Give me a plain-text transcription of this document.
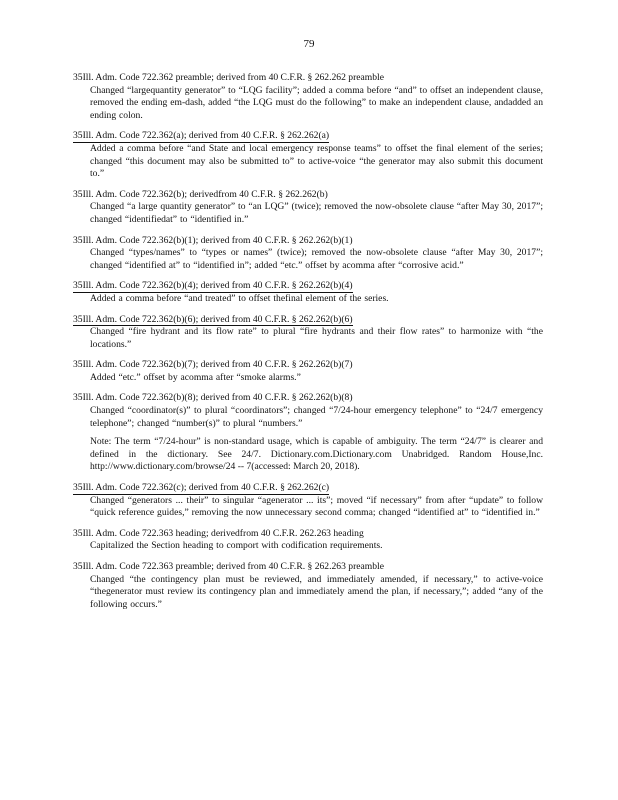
79
35Ill. Adm. Code 722.362 preamble; derived from 40 C.F.R. § 262.262 preamble
Changed “largequantity generator” to “LQG facility”; added a comma before “and” to offset an independent clause, removed the ending em-dash, added “the LQG must do the following” to make an independent clause, andadded an ending colon.
35Ill. Adm. Code 722.362(a); derived from 40 C.F.R. § 262.262(a)
Added a comma before “and State and local emergency response teams” to offset the final element of the series; changed “this document may also be submitted to” to active-voice “the generator may also submit this document to.”
35Ill. Adm. Code 722.362(b); derivedfrom 40 C.F.R. § 262.262(b)
Changed “a large quantity generator” to “an LQG” (twice); removed the now-obsolete clause “after May 30, 2017”; changed “identifiedat” to “identified in.”
35Ill. Adm. Code 722.362(b)(1); derived from 40 C.F.R. § 262.262(b)(1)
Changed “types/names” to “types or names” (twice); removed the now-obsolete clause “after May 30, 2017”; changed “identified at” to “identified in”; added “etc.” offset by acomma after “corrosive acid.”
35Ill. Adm. Code 722.362(b)(4); derived from 40 C.F.R. § 262.262(b)(4)
Added a comma before “and treated” to offset thefinal element of the series.
35Ill. Adm. Code 722.362(b)(6); derived from 40 C.F.R. § 262.262(b)(6)
Changed “fire hydrant and its flow rate” to plural “fire hydrants and their flow rates” to harmonize with “the locations.”
35Ill. Adm. Code 722.362(b)(7); derived from 40 C.F.R. § 262.262(b)(7)
Added “etc.” offset by acomma after “smoke alarms.”
35Ill. Adm. Code 722.362(b)(8); derived from 40 C.F.R. § 262.262(b)(8)
Changed “coordinator(s)” to plural “coordinators”; changed “7/24-hour emergency telephone” to “24/7 emergency telephone”; changed “number(s)” to plural “numbers.”
Note: The term “7/24-hour” is non-standard usage, which is capable of ambiguity. The term “24/7” is clearer and defined in the dictionary. See 24/7. Dictionary.com.Dictionary.com Unabridged. Random House,Inc. http://www.dictionary.com/browse/24 -- 7(accessed: March 20, 2018).
35Ill. Adm. Code 722.362(c); derived from 40 C.F.R. § 262.262(c)
Changed “generators ... their” to singular “agenerator ... its”; moved “if necessary” from after “update” to follow “quick reference guides,” removing the now unnecessary second comma; changed “identified at” to “identified in.”
35Ill. Adm. Code 722.363 heading; derivedfrom 40 C.F.R. 262.263 heading
Capitalized the Section heading to comport with codification requirements.
35Ill. Adm. Code 722.363 preamble; derived from 40 C.F.R. § 262.263 preamble
Changed “the contingency plan must be reviewed, and immediately amended, if necessary,” to active-voice “thegenerator must review its contingency plan and immediately amend the plan, if necessary,”; added “any of the following occurs.”
